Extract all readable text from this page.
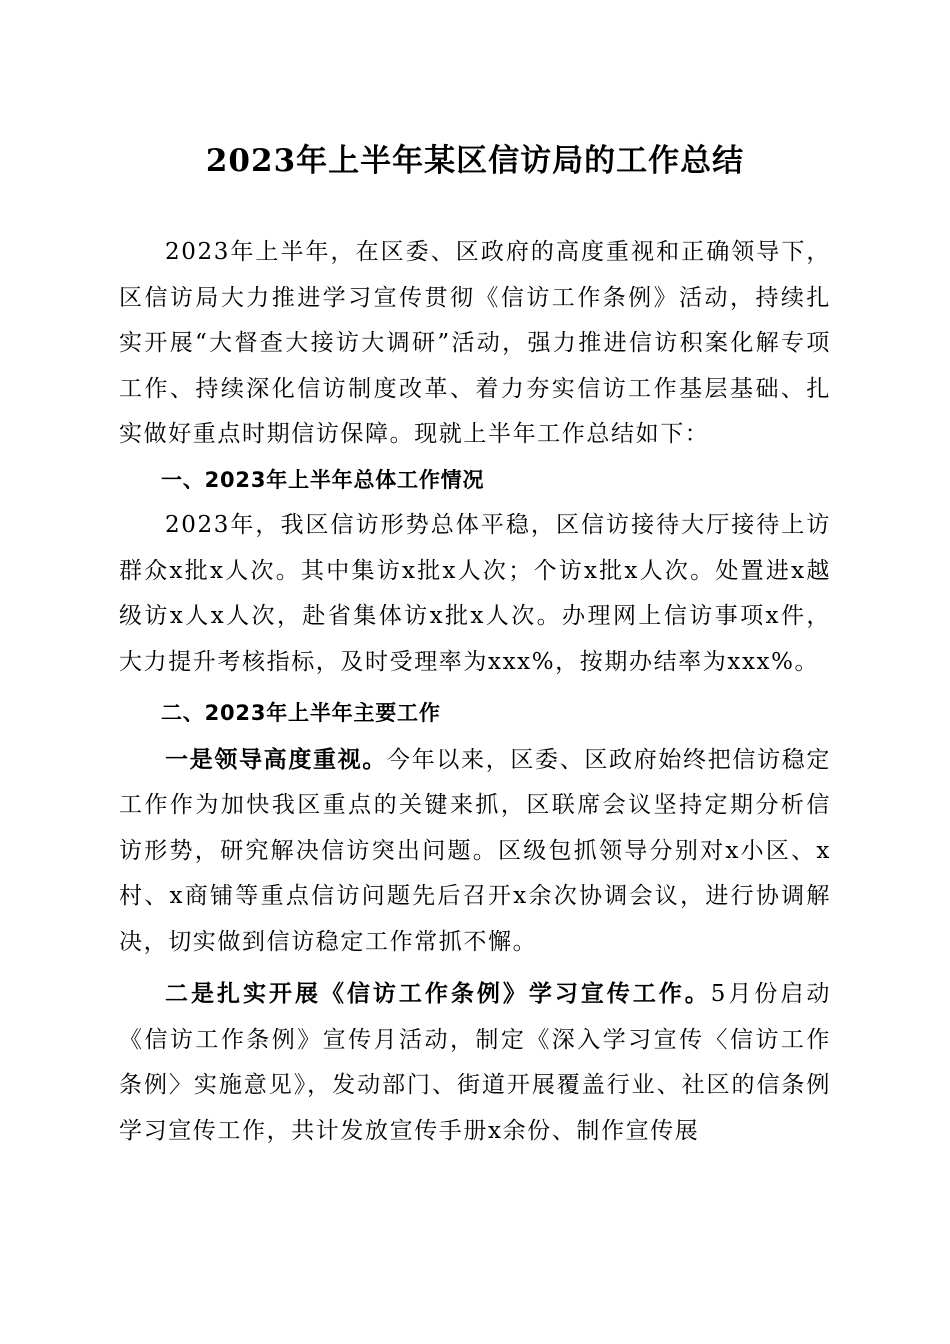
2023年上半年某区信访局的工作总结

2023年上半年，在区委、区政府的高度重视和正确领导下，区信访局大力推进学习宣传贯彻《信访工作条例》活动，持续扎实开展“大督查大接访大调研”活动，强力推进信访积案化解专项工作、持续深化信访制度改革、着力夯实信访工作基层基础、扎实做好重点时期信访保障。现就上半年工作总结如下：

一、2023年上半年总体工作情况

2023年，我区信访形势总体平稳，区信访接待大厅接待上访群众x批x人次。其中集访x批x人次；个访x批x人次。处置进x越级访x人x人次，赴省集体访x批x人次。办理网上信访事项x件，大力提升考核指标，及时受理率为xxx%，按期办结率为xxx%。

二、2023年上半年主要工作

一是领导高度重视。今年以来，区委、区政府始终把信访稳定工作作为加快我区重点的关键来抓，区联席会议坚持定期分析信访形势，研究解决信访突出问题。区级包抓领导分别对x小区、x村、x商铺等重点信访问题先后召开x余次协调会议，进行协调解决，切实做到信访稳定工作常抓不懈。

二是扎实开展《信访工作条例》学习宣传工作。5月份启动《信访工作条例》宣传月活动，制定《深入学习宣传〈信访工作条例〉实施意见》，发动部门、街道开展覆盖行业、社区的信条例学习宣传工作，共计发放宣传手册x余份、制作宣传展
